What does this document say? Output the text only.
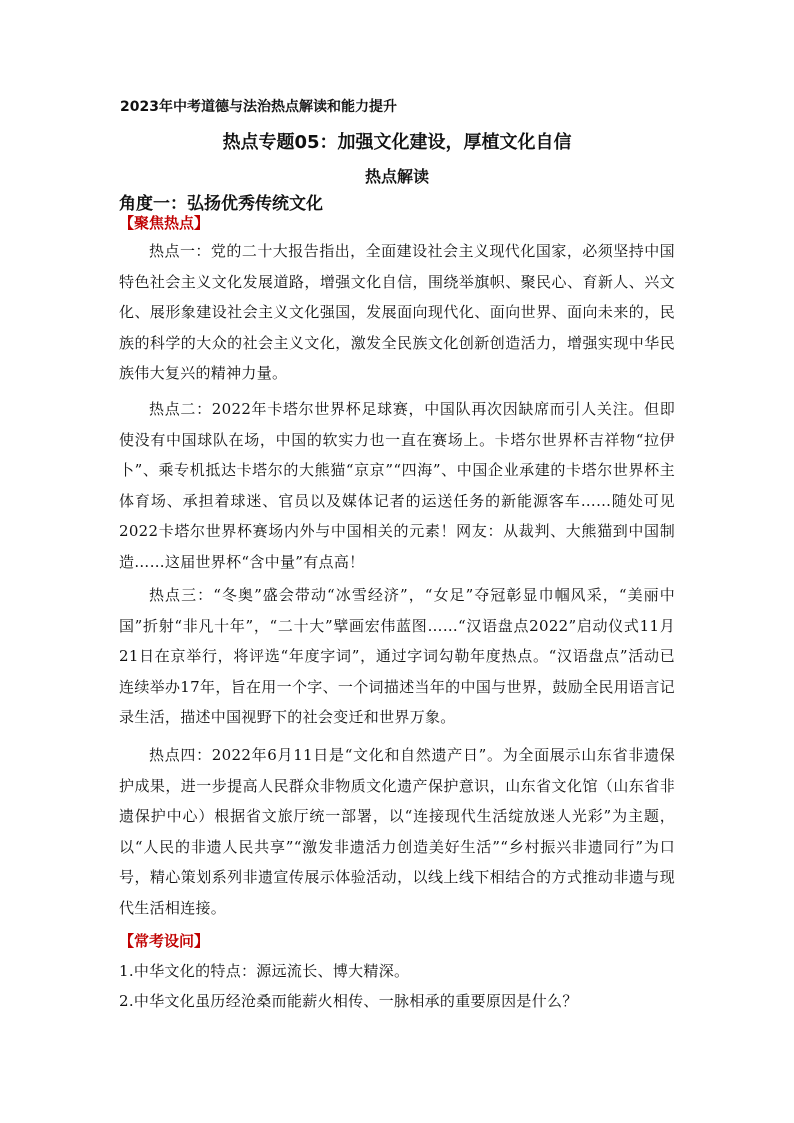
2023年中考道德与法治热点解读和能力提升
热点专题05：加强文化建设，厚植文化自信
热点解读
角度一：弘扬优秀传统文化
【聚焦热点】
热点一：党的二十大报告指出，全面建设社会主义现代化国家，必须坚持中国特色社会主义文化发展道路，增强文化自信，围绕举旗帜、聚民心、育新人、兴文化、展形象建设社会主义文化强国，发展面向现代化、面向世界、面向未来的，民族的科学的大众的社会主义文化，激发全民族文化创新创造活力，增强实现中华民族伟大复兴的精神力量。
热点二：2022年卡塔尔世界杯足球赛，中国队再次因缺席而引人关注。但即使没有中国球队在场，中国的软实力也一直在赛场上。卡塔尔世界杯吉祥物“拉伊卜”、乘专机抵达卡塔尔的大熊猫“京京”“四海”、中国企业承建的卡塔尔世界杯主体育场、承担着球迷、官员以及媒体记者的运送任务的新能源客车……随处可见2022卡塔尔世界杯赛场内外与中国相关的元素！网友：从裁判、大熊猫到中国制造……这届世界杯“含中量”有点高！
热点三：“冬奥”盛会带动“冰雪经济”，“女足”夺冠彰显巾帼风采，“美丽中国”折射“非凡十年”，“二十大”擘画宏伟蓝图……“汉语盘点2022”启动仪式11月21日在京举行，将评选“年度字词”，通过字词勾勒年度热点。“汉语盘点”活动已连续举办17年，旨在用一个字、一个词描述当年的中国与世界，鼓励全民用语言记录生活，描述中国视野下的社会变迁和世界万象。
热点四：2022年6月11日是“文化和自然遗产日”。为全面展示山东省非遗保护成果，进一步提高人民群众非物质文化遗产保护意识，山东省文化馆（山东省非遗保护中心）根据省文旅厅统一部署，以“连接现代生活绽放迷人光彩”为主题，以“人民的非遗人民共享”“激发非遗活力创造美好生活”“乡村振兴非遗同行”为口号，精心策划系列非遗宣传展示体验活动，以线上线下相结合的方式推动非遗与现代生活相连接。
【常考设问】
1.中华文化的特点：源远流长、博大精深。
2.中华文化虽历经沧桑而能薪火相传、一脉相承的重要原因是什么？
